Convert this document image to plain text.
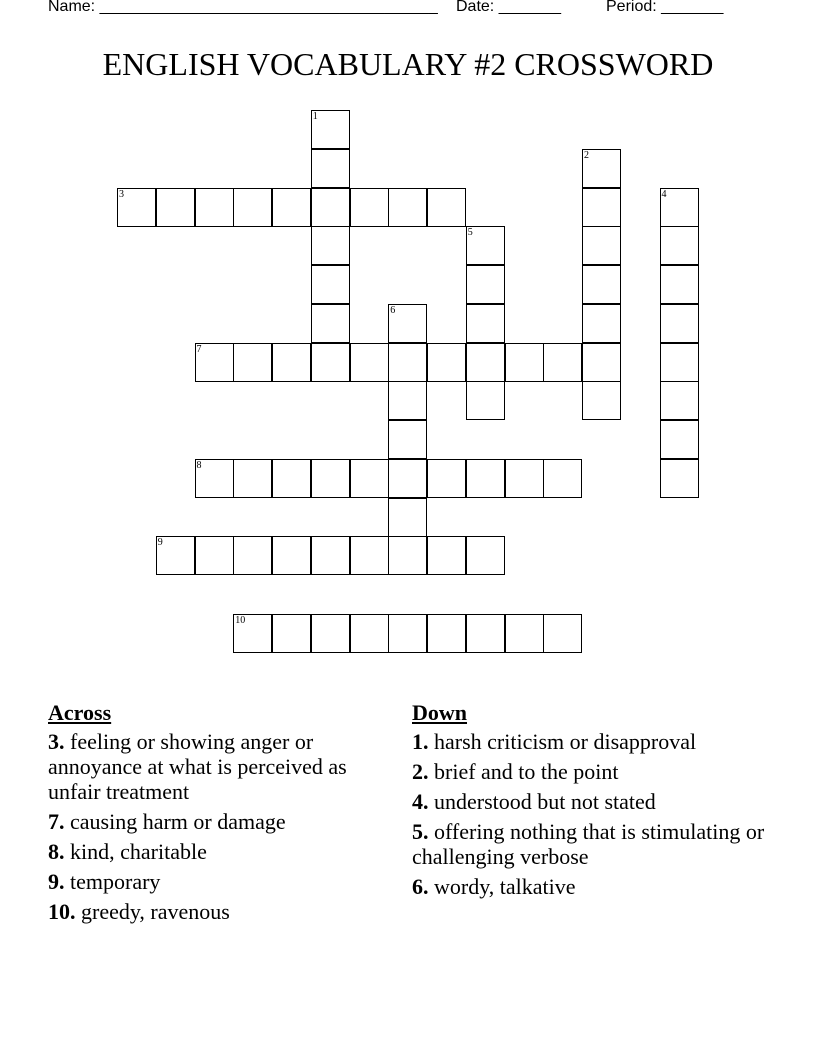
Name: ______________________________________ Date: _______	Period: _______
ENGLISH VOCABULARY #2 CROSSWORD
1
2
3	4
5
6
7
8
9
10
Across
3. feeling or showing anger or annoyance at what is perceived as unfair treatment
7. causing harm or damage
8. kind, charitable
9. temporary
10. greedy, ravenous
Down
1. harsh criticism or disapproval
2. brief and to the point
4. understood but not stated
5. offering nothing that is stimulating or challenging verbose
6. wordy, talkative
